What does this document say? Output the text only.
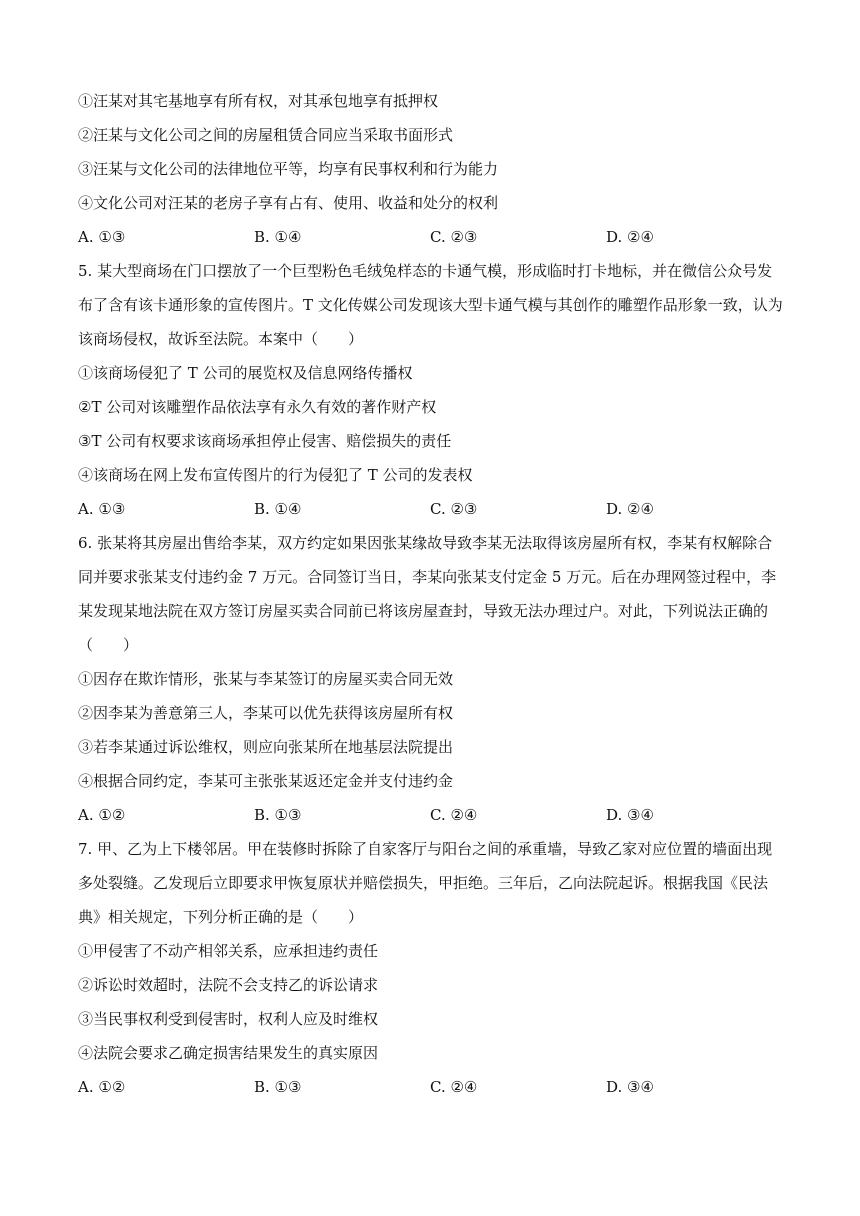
①汪某对其宅基地享有所有权，对其承包地享有抵押权
②汪某与文化公司之间的房屋租赁合同应当采取书面形式
③汪某与文化公司的法律地位平等，均享有民事权利和行为能力
④文化公司对汪某的老房子享有占有、使用、收益和处分的权利
A. ①③	B. ①④	C. ②③	D. ②④
5. 某大型商场在门口摆放了一个巨型粉色毛绒兔样态的卡通气模，形成临时打卡地标，并在微信公众号发
布了含有该卡通形象的宣传图片。T 文化传媒公司发现该大型卡通气模与其创作的雕塑作品形象一致，认为
该商场侵权，故诉至法院。本案中（　　）
①该商场侵犯了 T 公司的展览权及信息网络传播权
②T 公司对该雕塑作品依法享有永久有效的著作财产权
③T 公司有权要求该商场承担停止侵害、赔偿损失的责任
④该商场在网上发布宣传图片的行为侵犯了 T 公司的发表权
A. ①③	B. ①④	C. ②③	D. ②④
6. 张某将其房屋出售给李某，双方约定如果因张某缘故导致李某无法取得该房屋所有权，李某有权解除合
同并要求张某支付违约金 7 万元。合同签订当日，李某向张某支付定金 5 万元。后在办理网签过程中，李
某发现某地法院在双方签订房屋买卖合同前已将该房屋查封，导致无法办理过户。对此，下列说法正确的
（　　）
①因存在欺诈情形，张某与李某签订的房屋买卖合同无效
②因李某为善意第三人，李某可以优先获得该房屋所有权
③若李某通过诉讼维权，则应向张某所在地基层法院提出
④根据合同约定，李某可主张张某返还定金并支付违约金
A. ①②	B. ①③	C. ②④	D. ③④
7. 甲、乙为上下楼邻居。甲在装修时拆除了自家客厅与阳台之间的承重墙，导致乙家对应位置的墙面出现
多处裂缝。乙发现后立即要求甲恢复原状并赔偿损失，甲拒绝。三年后，乙向法院起诉。根据我国《民法
典》相关规定，下列分析正确的是（　　）
①甲侵害了不动产相邻关系，应承担违约责任
②诉讼时效超时，法院不会支持乙的诉讼请求
③当民事权利受到侵害时，权利人应及时维权
④法院会要求乙确定损害结果发生的真实原因
A. ①②	B. ①③	C. ②④	D. ③④
